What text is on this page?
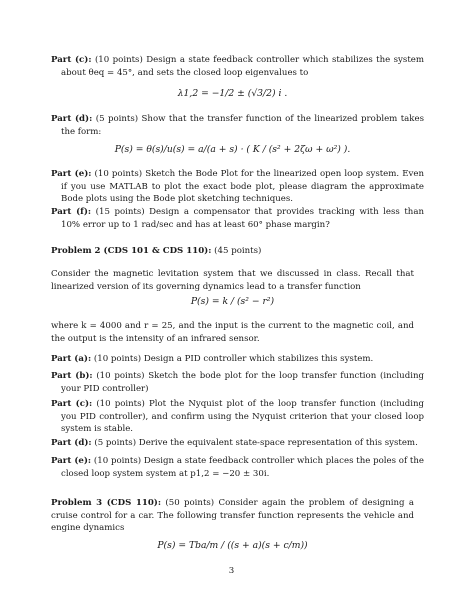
Part (c): (10 points) Design a state feedback controller which stabilizes the system about θeq = 45°, and sets the closed loop eigenvalues to
λ1,2 = −1/2 ± (√3/2) i .
Part (d): (5 points) Show that the transfer function of the linearized problem takes the form:
P(s) = θ(s)/u(s) = a/(a + s) · ( K / (s² + 2ζω + ω²) ).
Part (e): (10 points) Sketch the Bode Plot for the linearized open loop system. Even if you use MATLAB to plot the exact bode plot, please diagram the approximate Bode plots using the Bode plot sketching techniques.
Part (f): (15 points) Design a compensator that provides tracking with less than 10% error up to 1 rad/sec and has at least 60° phase margin?
Problem 2 (CDS 101 & CDS 110): (45 points)
Consider the magnetic levitation system that we discussed in class. Recall that linearized version of its governing dynamics lead to a transfer function
P(s) = k / (s² − r²)
where k = 4000 and r = 25, and the input is the current to the magnetic coil, and the output is the intensity of an infrared sensor.
Part (a): (10 points) Design a PID controller which stabilizes this system.
Part (b): (10 points) Sketch the bode plot for the loop transfer function (including your PID controller)
Part (c): (10 points) Plot the Nyquist plot of the loop transfer function (including you PID controller), and confirm using the Nyquist criterion that your closed loop system is stable.
Part (d): (5 points) Derive the equivalent state-space representation of this system.
Part (e): (10 points) Design a state feedback controller which places the poles of the closed loop system system at p1,2 = −20 ± 30i.
Problem 3 (CDS 110): (50 points) Consider again the problem of designing a cruise control for a car. The following transfer function represents the vehicle and engine dynamics
P(s) = Tba/m / ((s + a)(s + c/m))
3
